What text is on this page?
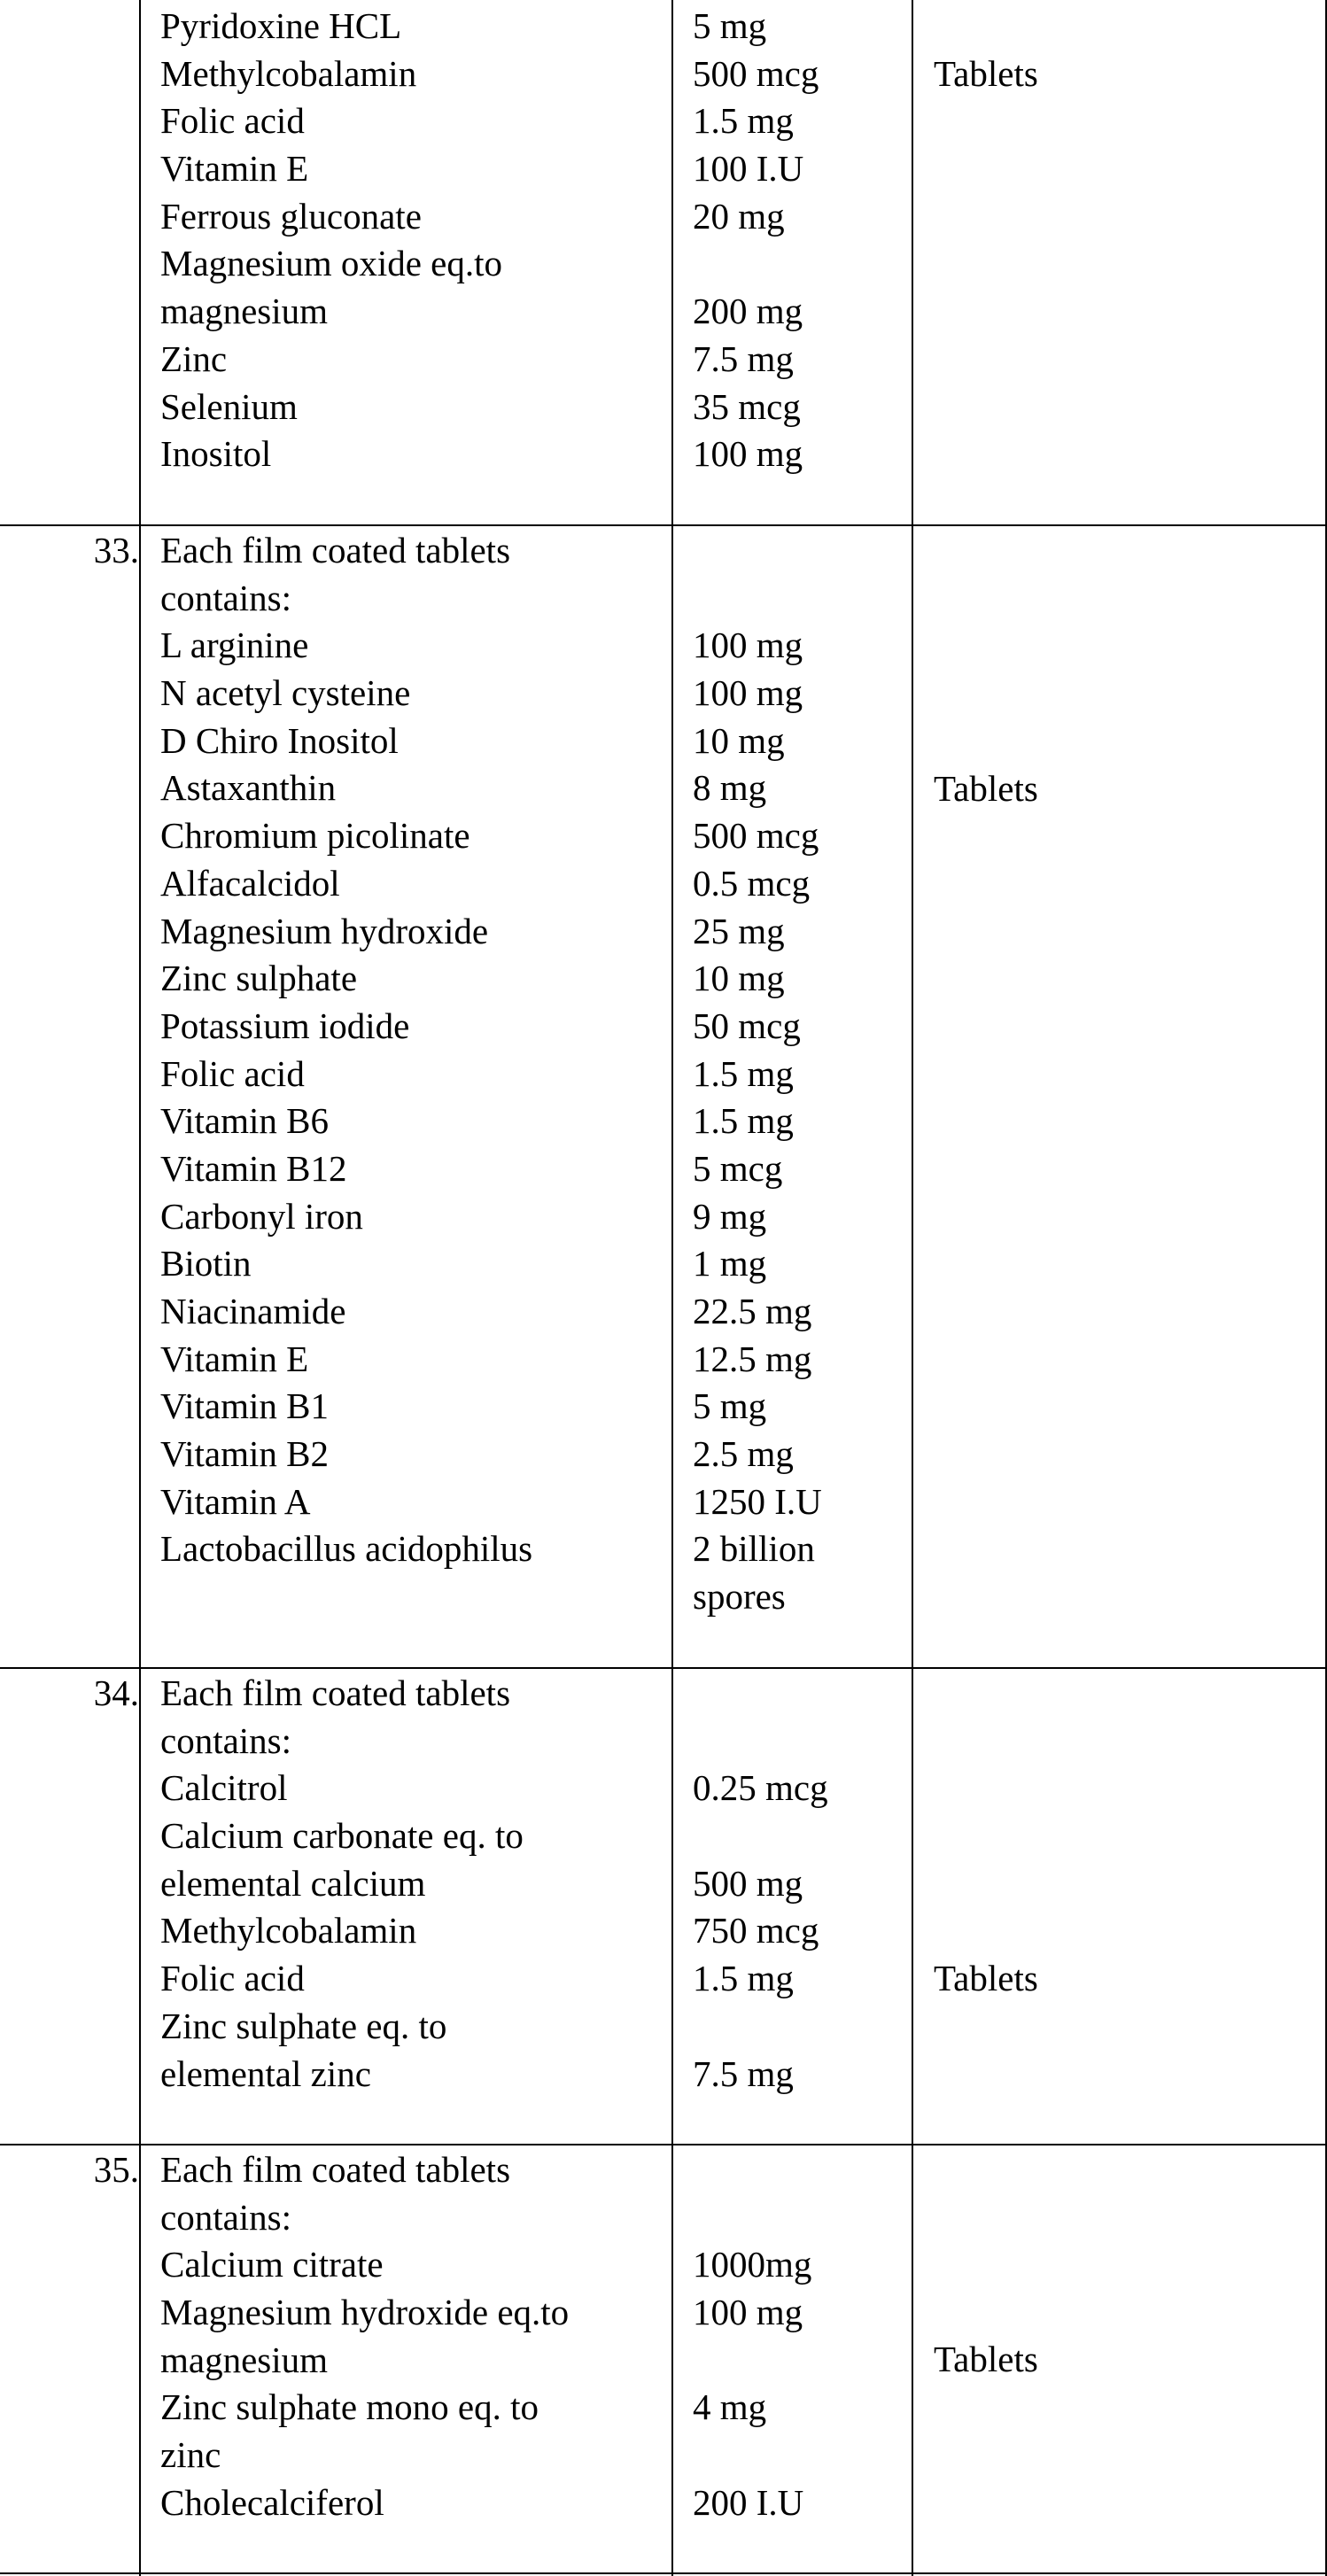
Pyridoxine HCL
Methylcobalamin
Folic acid
Vitamin E
Ferrous gluconate
Magnesium oxide eq.to
magnesium
Zinc
Selenium
Inositol
5 mg
500 mcg
1.5 mg
100 I.U
20 mg
200 mg
7.5 mg
35 mcg
100 mg
Tablets
33. Each film coated tablets
contains:
L arginine
N acetyl cysteine
D Chiro Inositol
Astaxanthin
Chromium picolinate
Alfacalcidol
Magnesium hydroxide
Zinc sulphate
Potassium iodide
Folic acid
Vitamin B6
Vitamin B12
Carbonyl iron
Biotin
Niacinamide
Vitamin E
Vitamin B1
Vitamin B2
Vitamin A
Lactobacillus acidophilus
100 mg
100 mg
10 mg
8 mg
500 mcg
0.5 mcg
25 mg
10 mg
50 mcg
1.5 mg
1.5 mg
5 mcg
9 mg
1 mg
22.5 mg
12.5 mg
5 mg
2.5 mg
1250 I.U
2 billion
spores
Tablets
34. Each film coated tablets
contains:
Calcitrol
Calcium carbonate eq. to
elemental calcium
Methylcobalamin
Folic acid
Zinc sulphate eq. to
elemental zinc
0.25 mcg
500 mg
750 mcg
1.5 mg
7.5 mg
Tablets
35. Each film coated tablets
contains:
Calcium citrate
Magnesium hydroxide eq.to
magnesium
Zinc sulphate mono eq. to
zinc
Cholecalciferol
1000mg
100 mg
4 mg
200 I.U
Tablets
